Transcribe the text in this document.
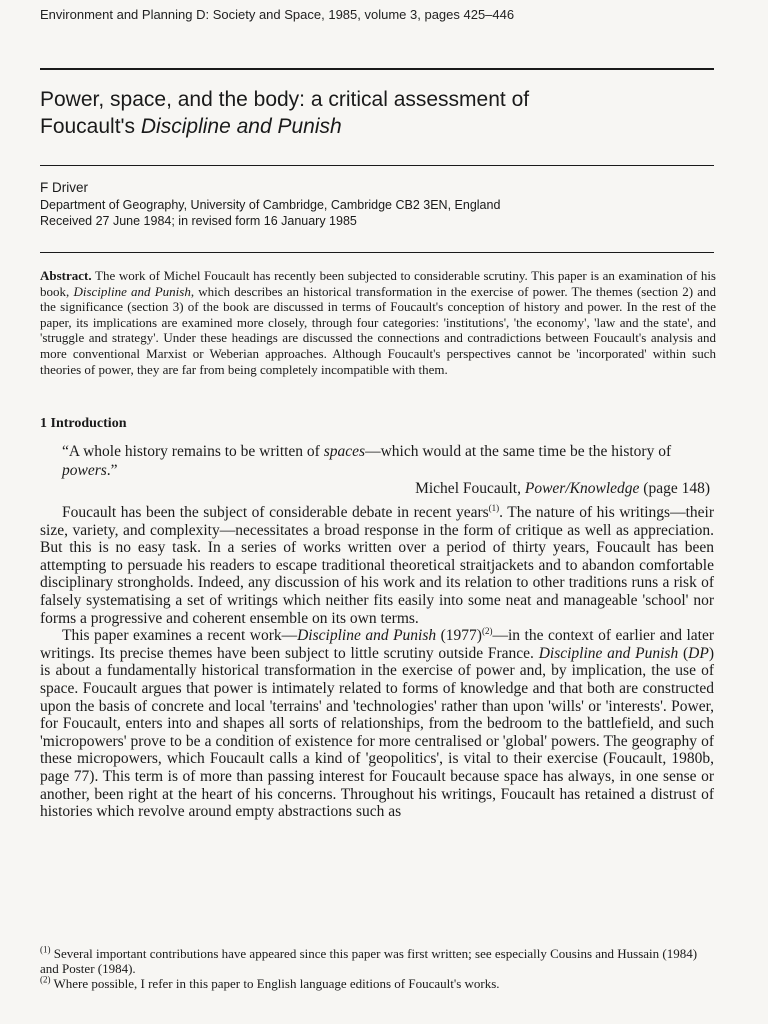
Environment and Planning D: Society and Space, 1985, volume 3, pages 425–446
Power, space, and the body: a critical assessment of
Foucault's Discipline and Punish
F Driver
Department of Geography, University of Cambridge, Cambridge CB2 3EN, England
Received 27 June 1984; in revised form 16 January 1985
Abstract. The work of Michel Foucault has recently been subjected to considerable scrutiny. This paper is an examination of his book, Discipline and Punish, which describes an historical transformation in the exercise of power. The themes (section 2) and the significance (section 3) of the book are discussed in terms of Foucault's conception of history and power. In the rest of the paper, its implications are examined more closely, through four categories: 'institutions', 'the economy', 'law and the state', and 'struggle and strategy'. Under these headings are discussed the connections and contradictions between Foucault's analysis and more conventional Marxist or Weberian approaches. Although Foucault's perspectives cannot be 'incorporated' within such theories of power, they are far from being completely incompatible with them.
1 Introduction
“A whole history remains to be written of spaces—which would at the same time be the history of powers.”
Michel Foucault, Power/Knowledge (page 148)

Foucault has been the subject of considerable debate in recent years$^{(1)}$. The nature of his writings—their size, variety, and complexity—necessitates a broad response in the form of critique as well as appreciation. But this is no easy task. In a series of works written over a period of thirty years, Foucault has been attempting to persuade his readers to escape traditional theoretical straitjackets and to abandon comfortable disciplinary strongholds. Indeed, any discussion of his work and its relation to other traditions runs a risk of falsely systematising a set of writings which neither fits easily into some neat and manageable 'school' nor forms a progressive and coherent ensemble on its own terms.

This paper examines a recent work—Discipline and Punish $(1977)^{(2)}—in$ the context of earlier and later writings. Its precise themes have been subject to little scrutiny outside France. Discipline and Punish (DP) is about a fundamentally historical transformation in the exercise of power and, by implication, the use of space. Foucault argues that power is intimately related to forms of knowledge and that both are constructed upon the basis of concrete and local 'terrains' and 'technologies' rather than upon 'wills' or 'interests'. Power, for Foucault, enters into and shapes all sorts of relationships, from the bedroom to the battlefield, and such 'micropowers' prove to be a condition of existence for more centralised or 'global' powers. The geography of these micropowers, which Foucault calls a kind of 'geopolitics', is vital to their exercise (Foucault, 1980b, page 77). This term is of more than passing interest for Foucault because space has always, in one sense or another, been right at the heart of his concerns. Throughout his writings, Foucault has retained a distrust of histories which revolve around empty abstractions such as

$^{(1)}$ Several important contributions have appeared since this paper was first written; see especially Cousins and Hussain (1984) and Poster (1984).

$^{(2)}$ Where possible, I refer in this paper to English language editions of Foucault's works.
